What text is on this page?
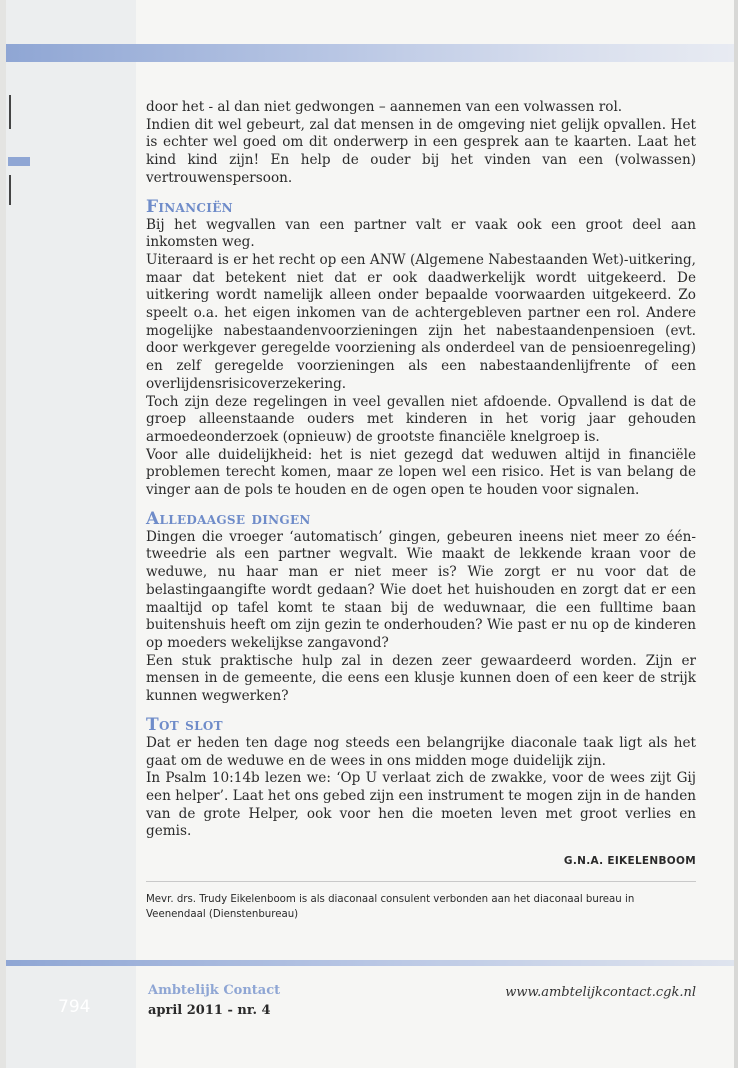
door het - al dan niet gedwongen – aannemen van een volwassen rol.

Indien dit wel gebeurt, zal dat mensen in de omgeving niet gelijk opvallen. Het is echter wel goed om dit onderwerp in een gesprek aan te kaarten. Laat het kind kind zijn! En help de ouder bij het vinden van een (volwassen) vertrouwenspersoon.

Financiën

Bij het wegvallen van een partner valt er vaak ook een groot deel aan inkomsten weg.

Uiteraard is er het recht op een ANW (Algemene Nabestaanden Wet)-uitkering, maar dat betekent niet dat er ook daadwerkelijk wordt uitgekeerd. De uitkering wordt namelijk alleen onder bepaalde voorwaarden uitgekeerd. Zo speelt o.a. het eigen inkomen van de achtergebleven partner een rol. Andere mogelijke nabestaandenvoorzieningen zijn het nabestaandenpensioen (evt. door werkgever geregelde voorziening als onderdeel van de pensioenregeling) en zelf geregelde voorzieningen als een nabestaandenlijfrente of een overlijdensrisicoverzekering.

Toch zijn deze regelingen in veel gevallen niet afdoende. Opvallend is dat de groep alleenstaande ouders met kinderen in het vorig jaar gehouden armoedeonderzoek (opnieuw) de grootste financiële knelgroep is.

Voor alle duidelijkheid: het is niet gezegd dat weduwen altijd in financiële problemen terecht komen, maar ze lopen wel een risico. Het is van belang de vinger aan de pols te houden en de ogen open te houden voor signalen.

Alledaagse dingen

Dingen die vroeger ‘automatisch’ gingen, gebeuren ineens niet meer zo één-tweedrie als een partner wegvalt. Wie maakt de lekkende kraan voor de weduwe, nu haar man er niet meer is? Wie zorgt er nu voor dat de belastingaangifte wordt gedaan? Wie doet het huishouden en zorgt dat er een maaltijd op tafel komt te staan bij de weduwnaar, die een fulltime baan buitenshuis heeft om zijn gezin te onderhouden? Wie past er nu op de kinderen op moeders wekelijkse zangavond?

Een stuk praktische hulp zal in dezen zeer gewaardeerd worden. Zijn er mensen in de gemeente, die eens een klusje kunnen doen of een keer de strijk kunnen wegwerken?

Tot slot

Dat er heden ten dage nog steeds een belangrijke diaconale taak ligt als het gaat om de weduwe en de wees in ons midden moge duidelijk zijn.

In Psalm 10:14b lezen we: ‘Op U verlaat zich de zwakke, voor de wees zijt Gij een helper’. Laat het ons gebed zijn een instrument te mogen zijn in de handen van de grote Helper, ook voor hen die moeten leven met groot verlies en gemis.

G.N.A. EIKELENBOOM
Mevr. drs. Trudy Eikelenboom is als diaconaal consulent verbonden aan het diaconaal bureau in Veenendaal (Dienstenbureau)
794
Ambtelijk Contact
april 2011 - nr. 4
www.ambtelijkcontact.cgk.nl
